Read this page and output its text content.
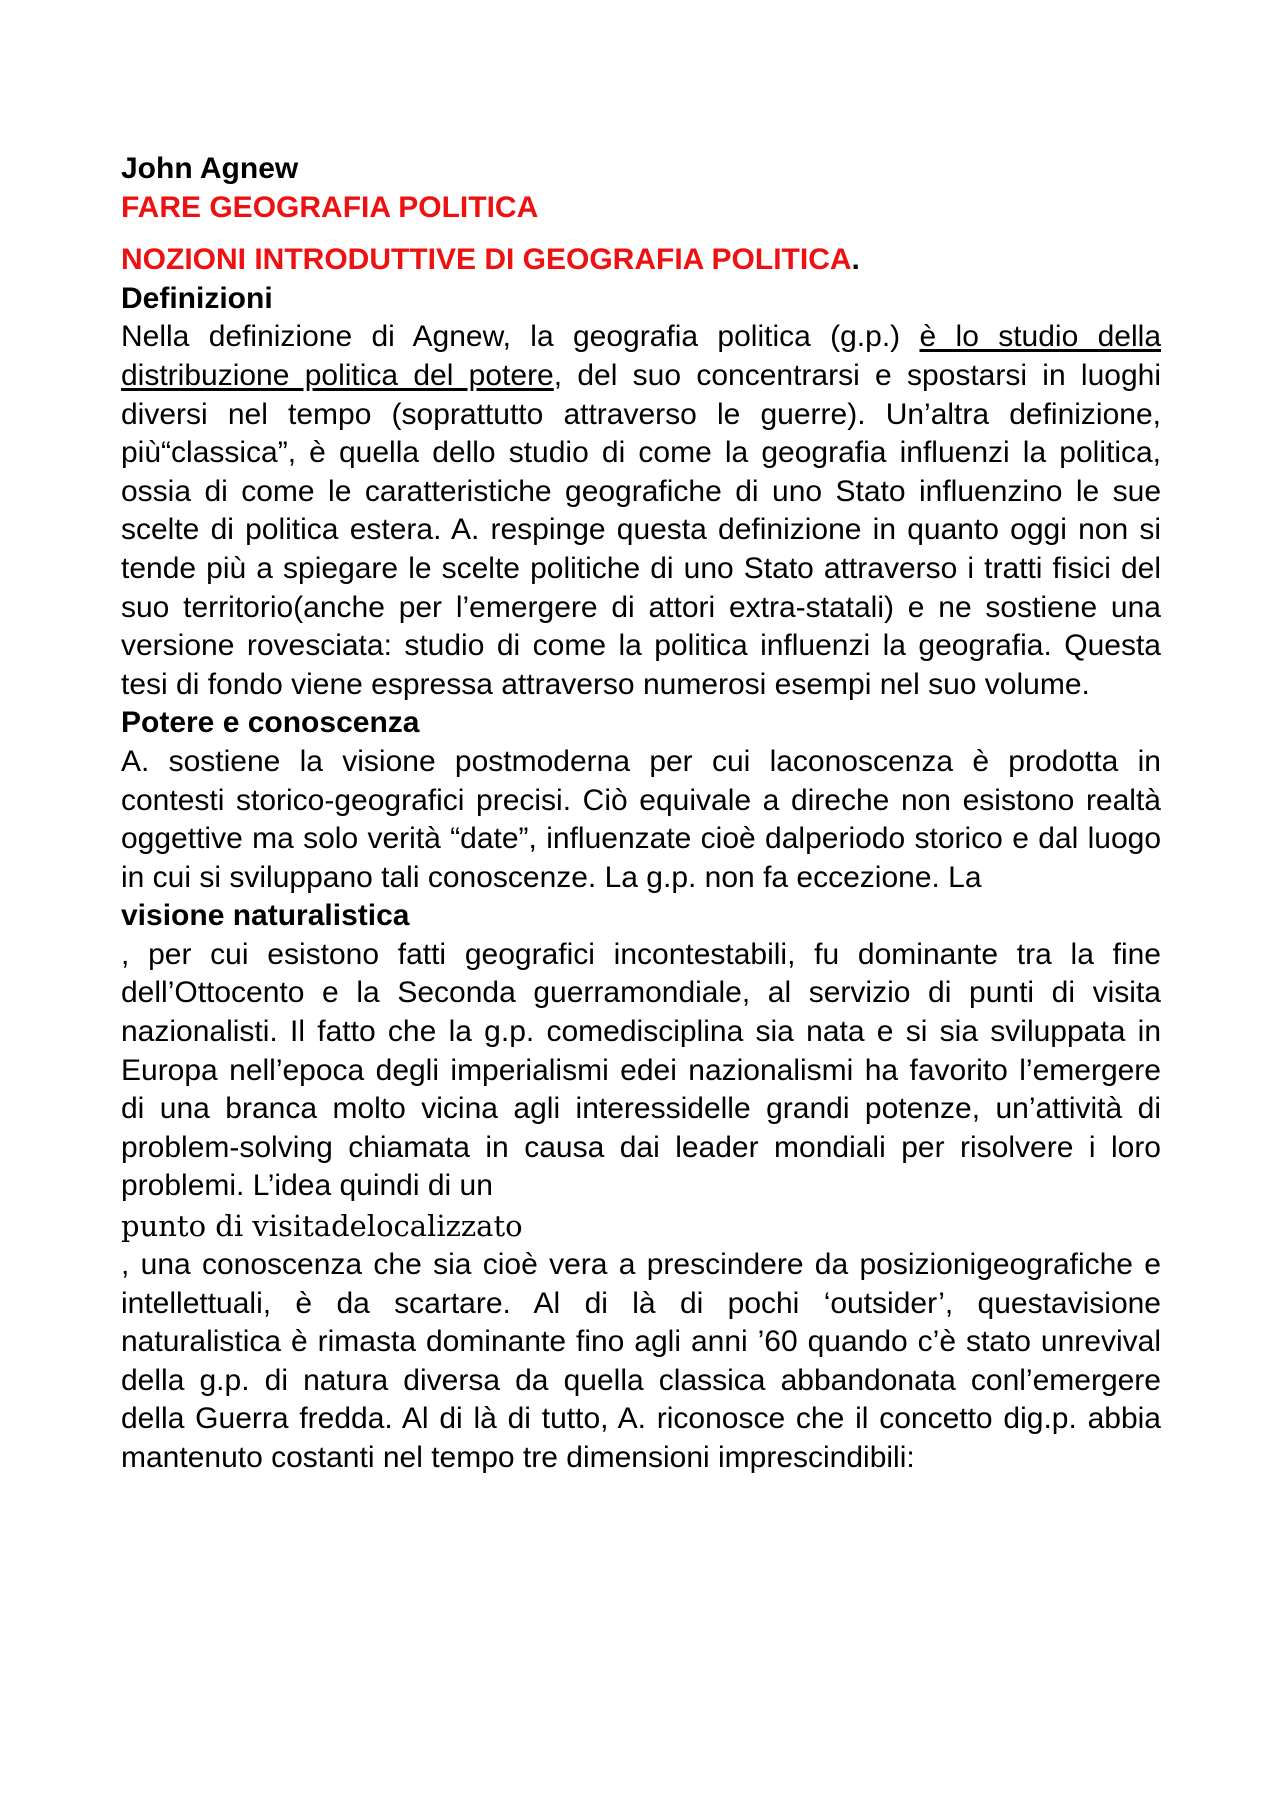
John Agnew

FARE GEOGRAFIA POLITICA

NOZIONI INTRODUTTIVE DI GEOGRAFIA POLITICA.

Definizioni

Nella definizione di Agnew, la geografia politica (g.p.) è lo studio della distribuzione politica del potere, del suo concentrarsi e spostarsi in luoghi diversi nel tempo (soprattutto attraverso le guerre). Un’altra definizione, più“classica”, è quella dello studio di come la geografia influenzi la politica, ossia di come le caratteristiche geografiche di uno Stato influenzino le sue scelte di politica estera. A. respinge questa definizione in quanto oggi non si tende più a spiegare le scelte politiche di uno Stato attraverso i tratti fisici del suo territorio(anche per l’emergere di attori extra-statali) e ne sostiene una versione rovesciata: studio di come la politica influenzi la geografia. Questa tesi di fondo viene espressa attraverso numerosi esempi nel suo volume.

Potere e conoscenza

A. sostiene la visione postmoderna per cui laconoscenza è prodotta in contesti storico-geografici precisi. Ciò equivale a direche non esistono realtà oggettive ma solo verità “date”, influenzate cioè dalperiodo storico e dal luogo in cui si sviluppano tali conoscenze. La g.p. non fa eccezione. La

visione naturalistica

, per cui esistono fatti geografici incontestabili, fu dominante tra la fine dell’Ottocento e la Seconda guerramondiale, al servizio di punti di visita nazionalisti. Il fatto che la g.p. comedisciplina sia nata e si sia sviluppata in Europa nell’epoca degli imperialismi edei nazionalismi ha favorito l’emergere di una branca molto vicina agli interessidelle grandi potenze, un’attività di problem-solving chiamata in causa dai leader mondiali per risolvere i loro problemi. L’idea quindi di un

punto di visitadelocalizzato

, una conoscenza che sia cioè vera a prescindere da posizionigeografiche e intellettuali, è da scartare. Al di là di pochi ‘outsider’, questavisione naturalistica è rimasta dominante fino agli anni ’60 quando c’è stato unrevival della g.p. di natura diversa da quella classica abbandonata conl’emergere della Guerra fredda. Al di là di tutto, A. riconosce che il concetto dig.p. abbia mantenuto costanti nel tempo tre dimensioni imprescindibili:
